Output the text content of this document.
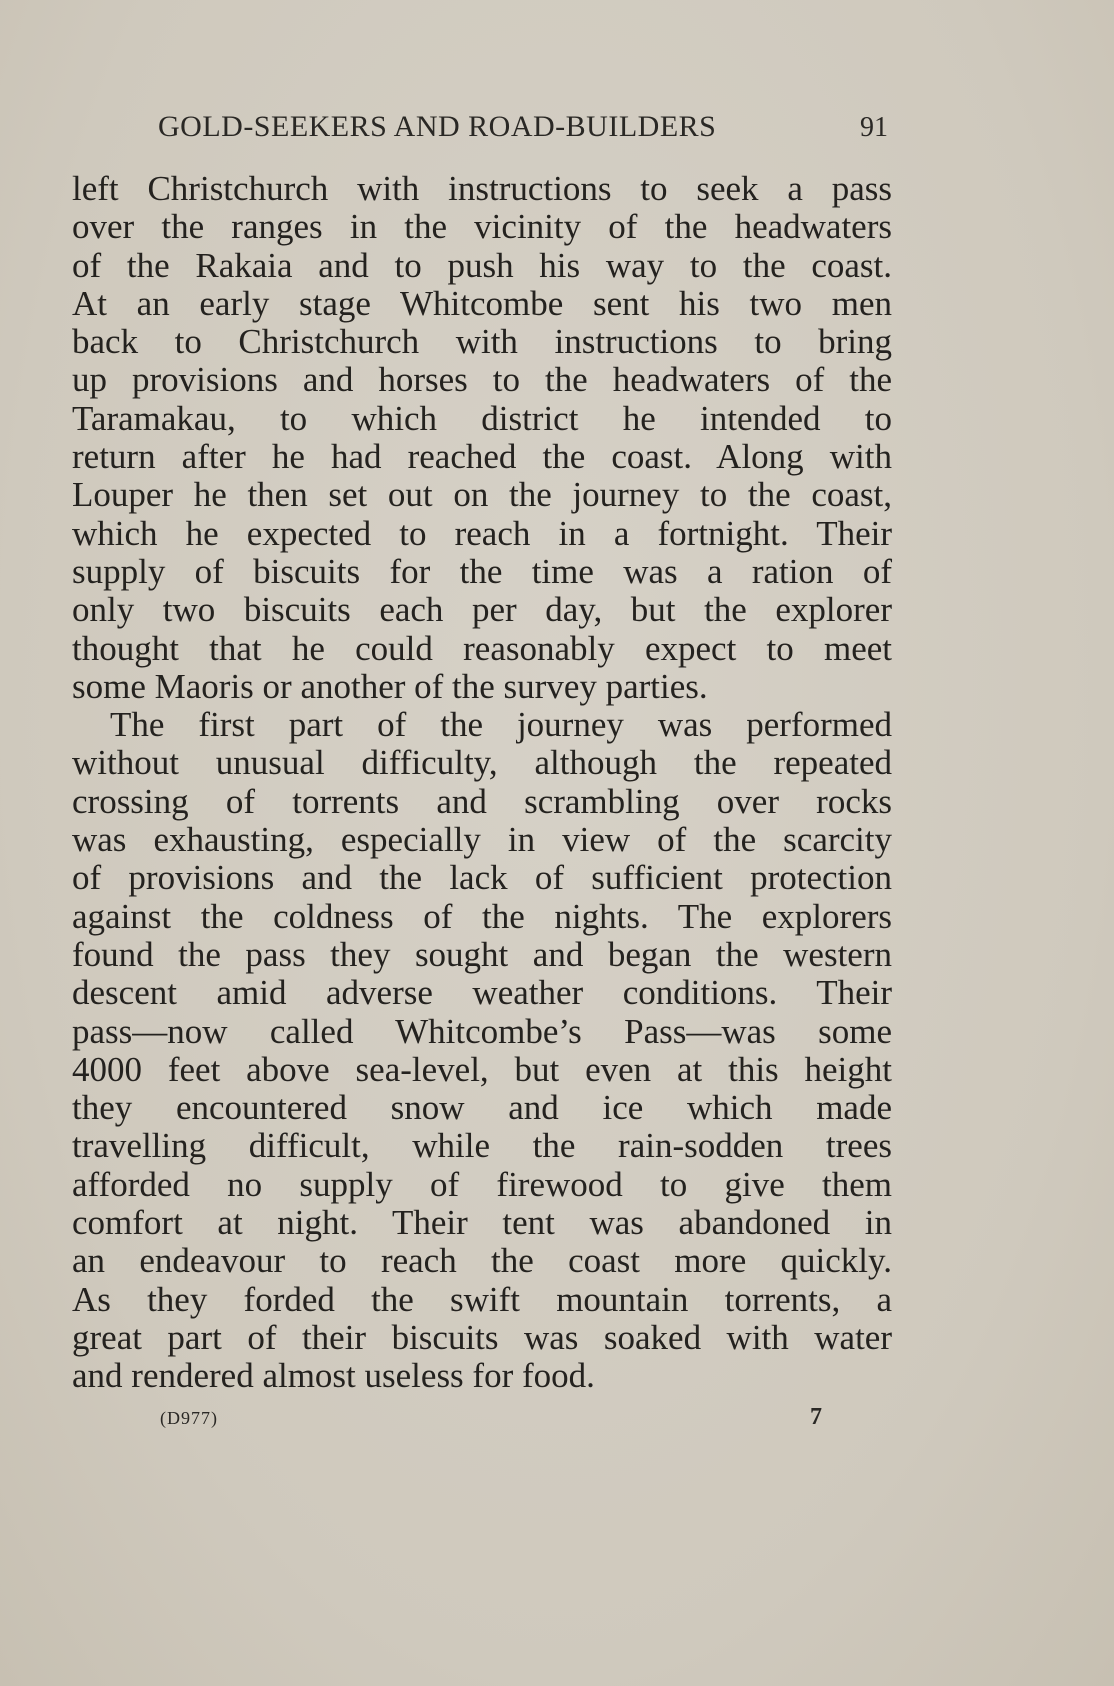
GOLD-SEEKERS AND ROAD-BUILDERS	91
left Christchurch with instructions to seek a pass
over the ranges in the vicinity of the headwaters
of the Rakaia and to push his way to the coast.
At an early stage Whitcombe sent his two men
back to Christchurch with instructions to bring
up provisions and horses to the headwaters of the
Taramakau, to which district he intended to
return after he had reached the coast. Along with
Louper he then set out on the journey to the coast,
which he expected to reach in a fortnight. Their
supply of biscuits for the time was a ration of
only two biscuits each per day, but the explorer
thought that he could reasonably expect to meet
some Maoris or another of the survey parties.
The first part of the journey was performed
without unusual difficulty, although the repeated
crossing of torrents and scrambling over rocks
was exhausting, especially in view of the scarcity
of provisions and the lack of sufficient protection
against the coldness of the nights. The explorers
found the pass they sought and began the western
descent amid adverse weather conditions. Their
pass—now called Whitcombe’s Pass—was some
4000 feet above sea-level, but even at this height
they encountered snow and ice which made
travelling difficult, while the rain-sodden trees
afforded no supply of firewood to give them
comfort at night. Their tent was abandoned in
an endeavour to reach the coast more quickly.
As they forded the swift mountain torrents, a
great part of their biscuits was soaked with water
and rendered almost useless for food.
(D977)	7
